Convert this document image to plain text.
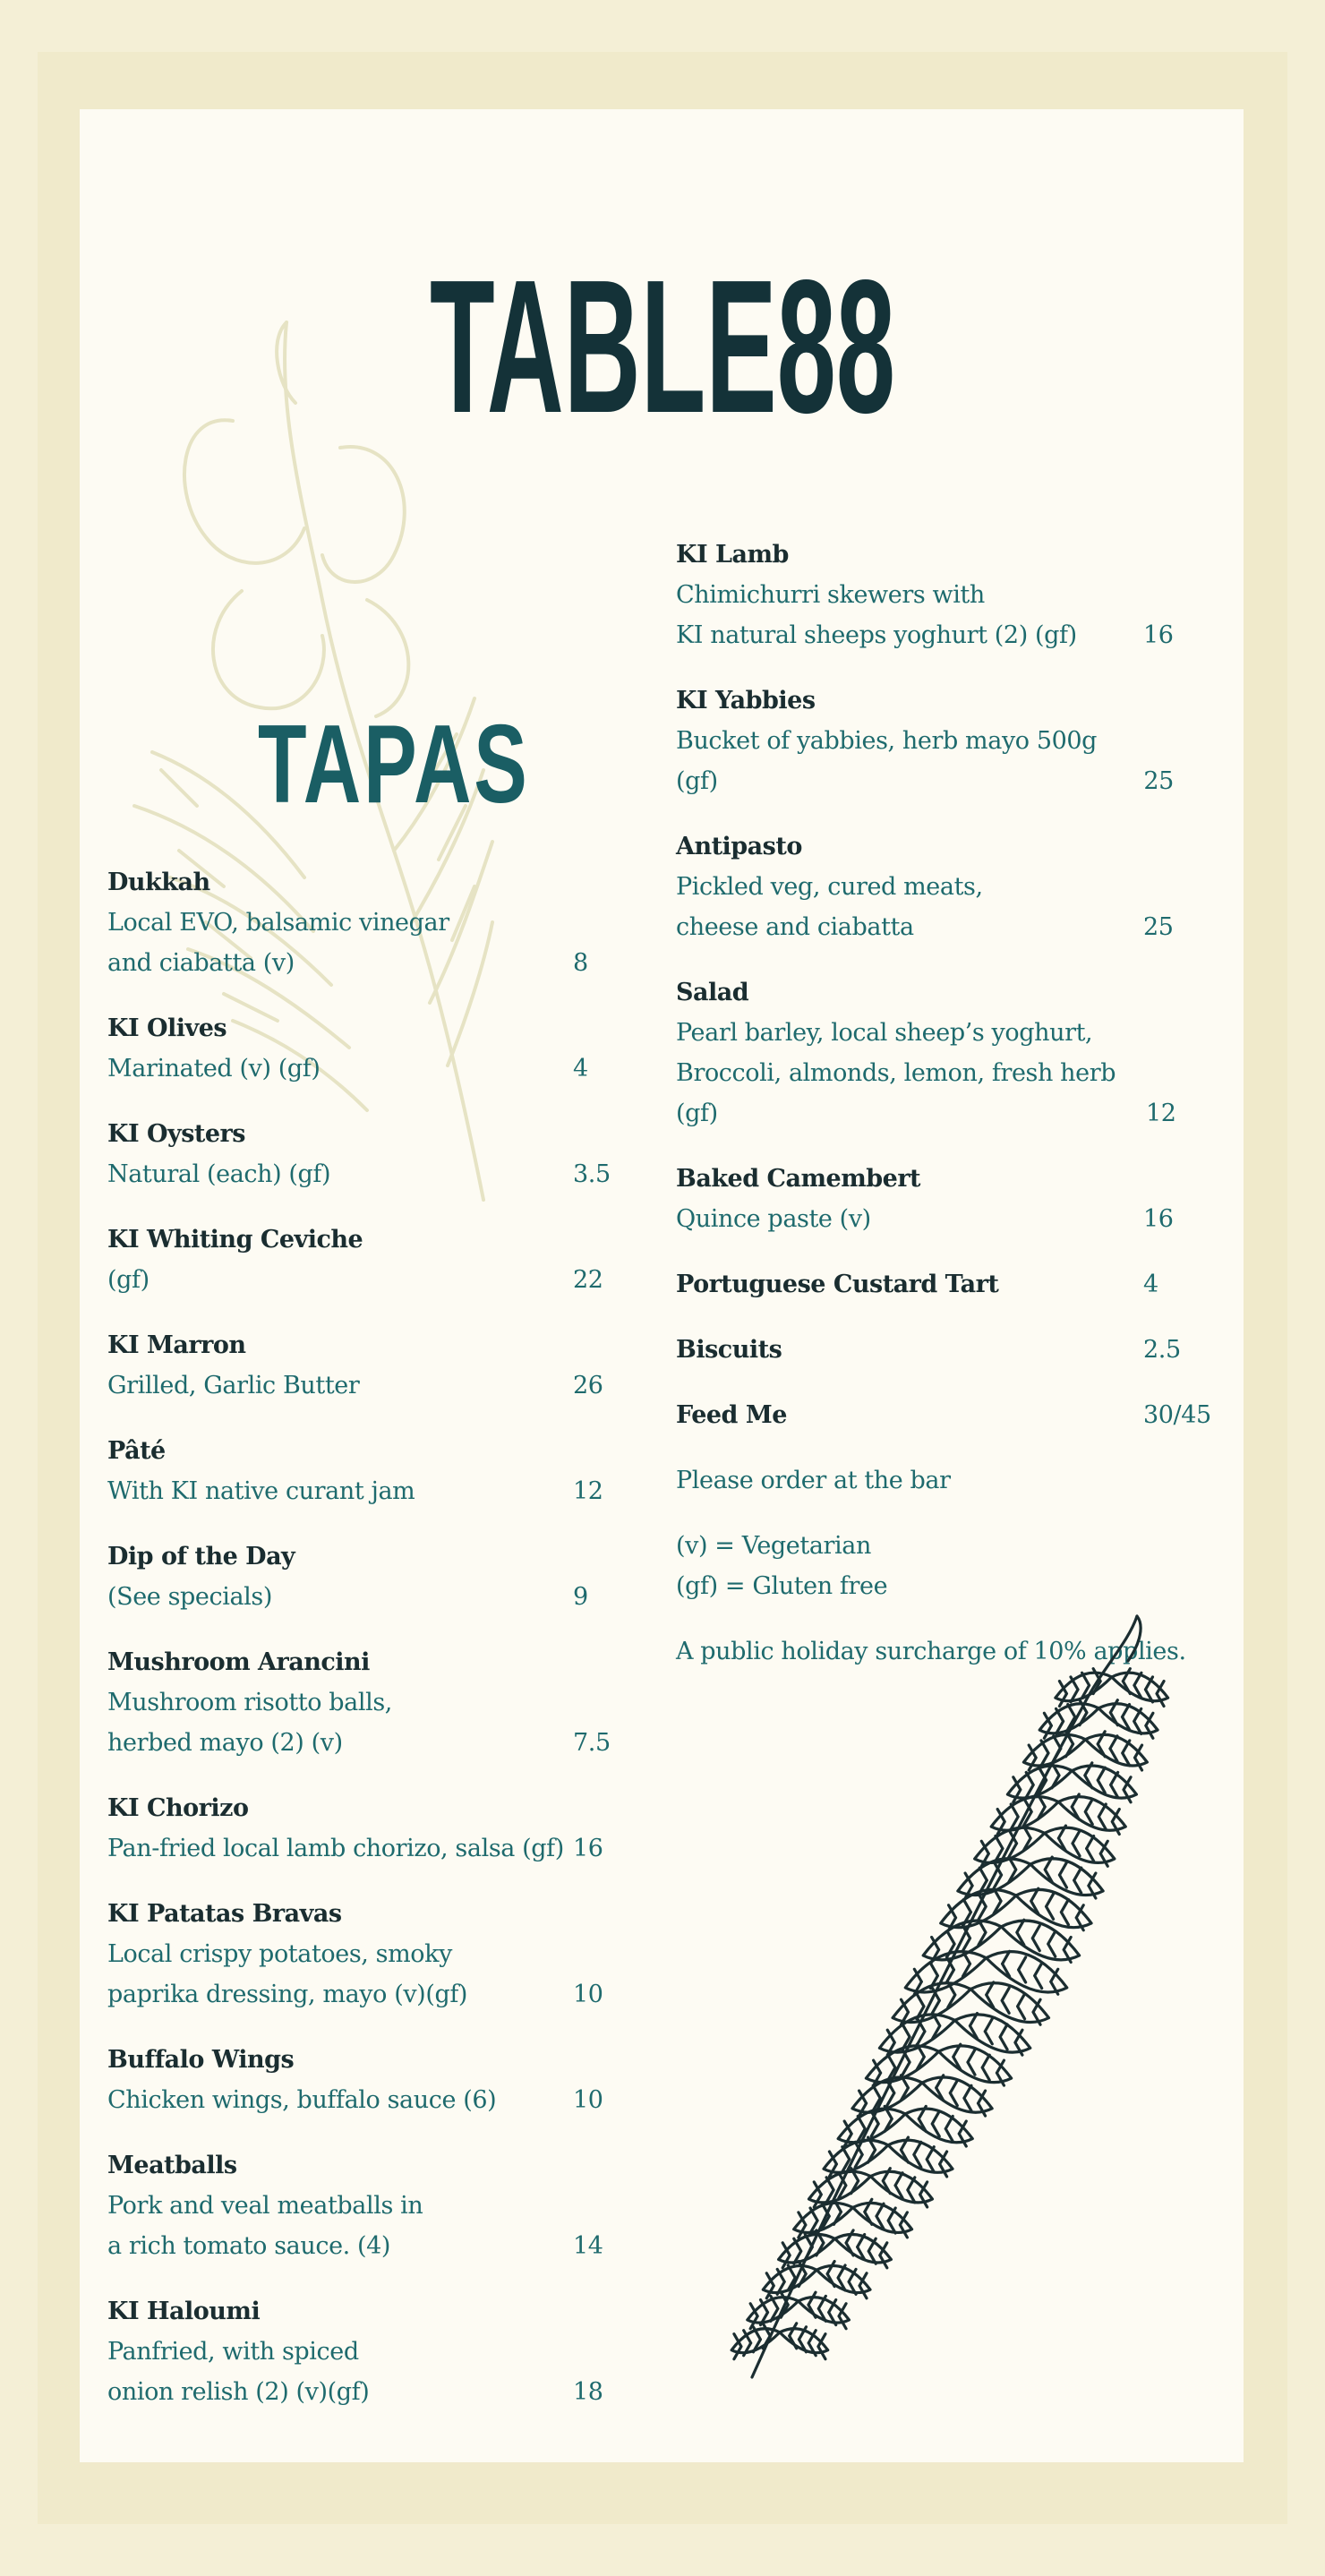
TABLE88
TAPAS
Dukkah
Local EVO, balsamic vinegar
and ciabatta (v)	8
KI Olives
Marinated (v) (gf)	4
KI Oysters
Natural (each) (gf)	3.5
KI Whiting Ceviche
(gf)	22
KI Marron
Grilled, Garlic Butter	26
Pâté
With KI native curant jam	12
Dip of the Day
(See specials)	9
Mushroom Arancini
Mushroom risotto balls,
herbed mayo (2) (v)	7.5
KI Chorizo
Pan-fried local lamb chorizo, salsa (gf) 16
KI Patatas Bravas
Local crispy potatoes, smoky
paprika dressing, mayo (v)(gf)	10
Buffalo Wings
Chicken wings, buffalo sauce (6)	10
Meatballs
Pork and veal meatballs in
a rich tomato sauce. (4)	14
KI Haloumi
Panfried, with spiced
onion relish (2) (v)(gf)	18
KI Lamb
Chimichurri skewers with
KI natural sheeps yoghurt (2) (gf)	16
KI Yabbies
Bucket of yabbies, herb mayo 500g (gf)	25
Antipasto
Pickled veg, cured meats,
cheese and ciabatta	25
Salad
Pearl barley, local sheep’s yoghurt,
Broccoli, almonds, lemon, fresh herb (gf)	12
Baked Camembert
Quince paste (v)	16
Portuguese Custard Tart	4
Biscuits	2.5
Feed Me	30/45
Please order at the bar
(v) = Vegetarian
(gf) = Gluten free
A public holiday surcharge of 10% applies.
